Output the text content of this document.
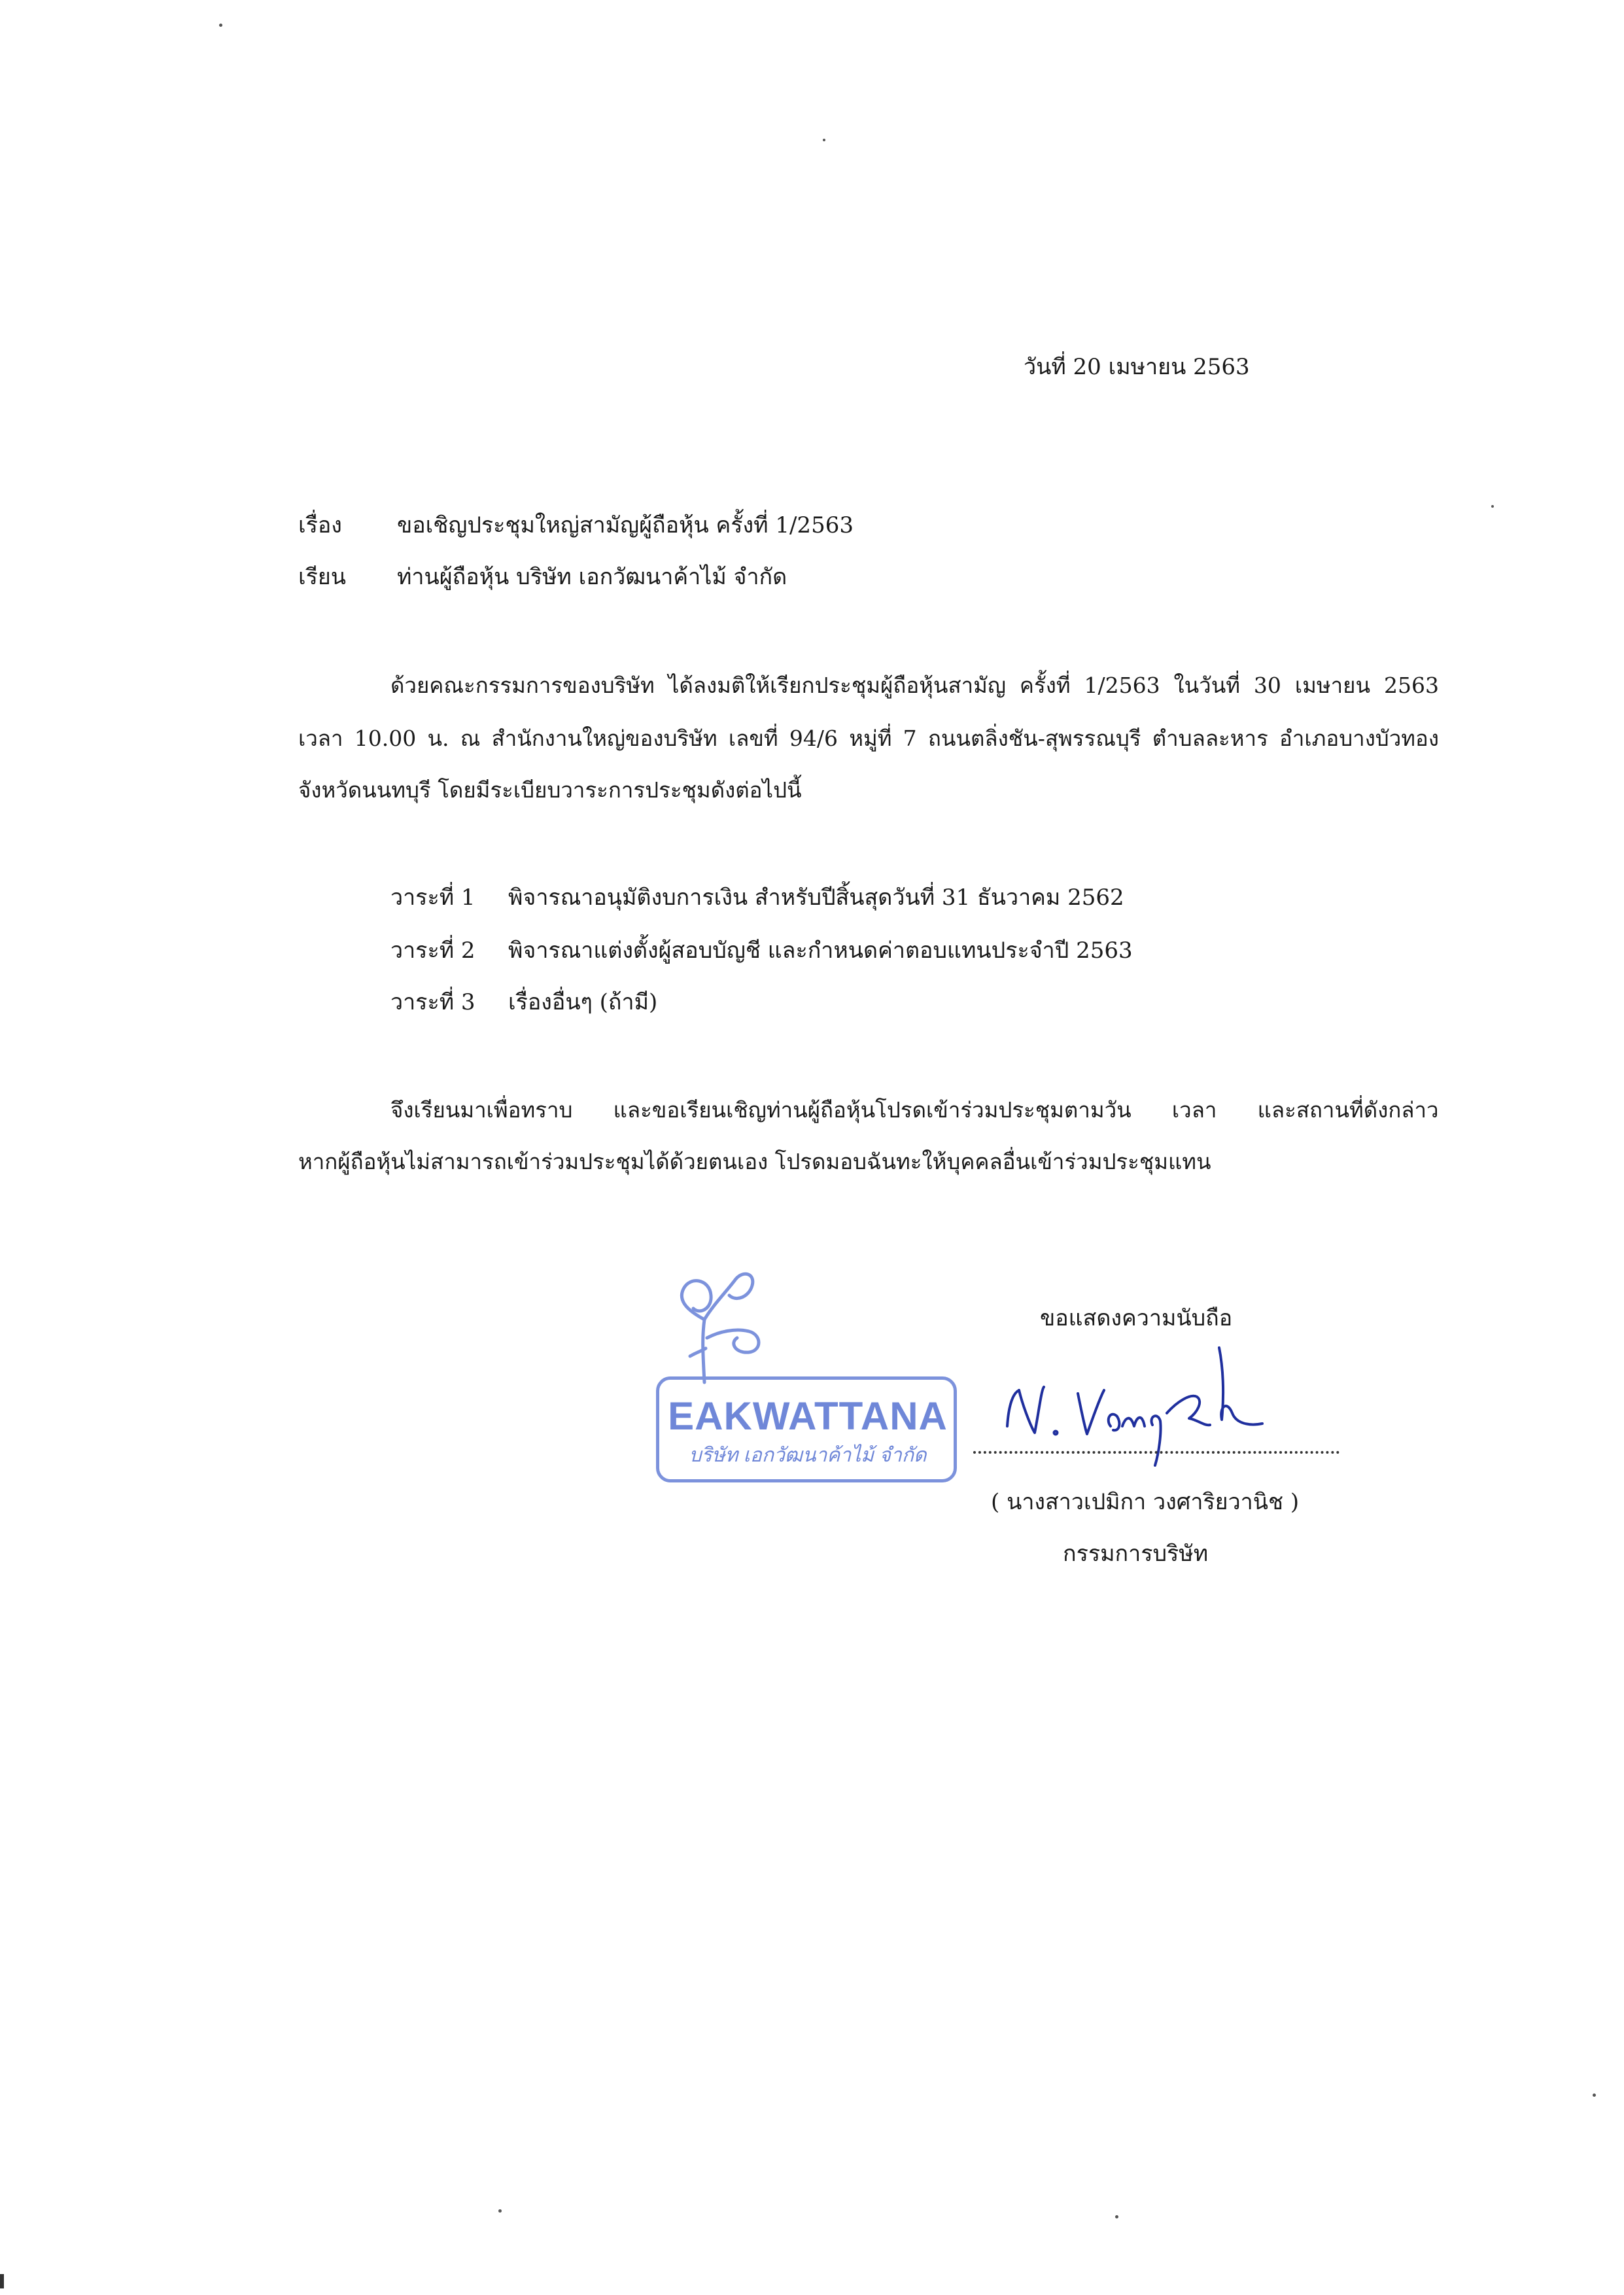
วันที่ 20 เมษายน 2563
เรื่อง ขอเชิญประชุมใหญ่สามัญผู้ถือหุ้น ครั้งที่ 1/2563
เรียน ท่านผู้ถือหุ้น บริษัท เอกวัฒนาค้าไม้ จำกัด
ด้วยคณะกรรมการของบริษัท ได้ลงมติให้เรียกประชุมผู้ถือหุ้นสามัญ ครั้งที่ 1/2563 ในวันที่ 30 เมษายน 2563
เวลา 10.00 น. ณ สำนักงานใหญ่ของบริษัท เลขที่ 94/6 หมู่ที่ 7 ถนนตลิ่งชัน-สุพรรณบุรี ตำบลละหาร อำเภอบางบัวทอง
จังหวัดนนทบุรี โดยมีระเบียบวาระการประชุมดังต่อไปนี้
วาระที่ 1 พิจารณาอนุมัติงบการเงิน สำหรับปีสิ้นสุดวันที่ 31 ธันวาคม 2562
วาระที่ 2 พิจารณาแต่งตั้งผู้สอบบัญชี และกำหนดค่าตอบแทนประจำปี 2563
วาระที่ 3 เรื่องอื่นๆ (ถ้ามี)
จึงเรียนมาเพื่อทราบ และขอเรียนเชิญท่านผู้ถือหุ้นโปรดเข้าร่วมประชุมตามวัน เวลา และสถานที่ดังกล่าว
หากผู้ถือหุ้นไม่สามารถเข้าร่วมประชุมได้ด้วยตนเอง โปรดมอบฉันทะให้บุคคลอื่นเข้าร่วมประชุมแทน
ขอแสดงความนับถือ
EAKWATTANA
บริษัท เอกวัฒนาค้าไม้ จำกัด
( นางสาวเปมิกา วงศาริยวานิช )
กรรมการบริษัท
